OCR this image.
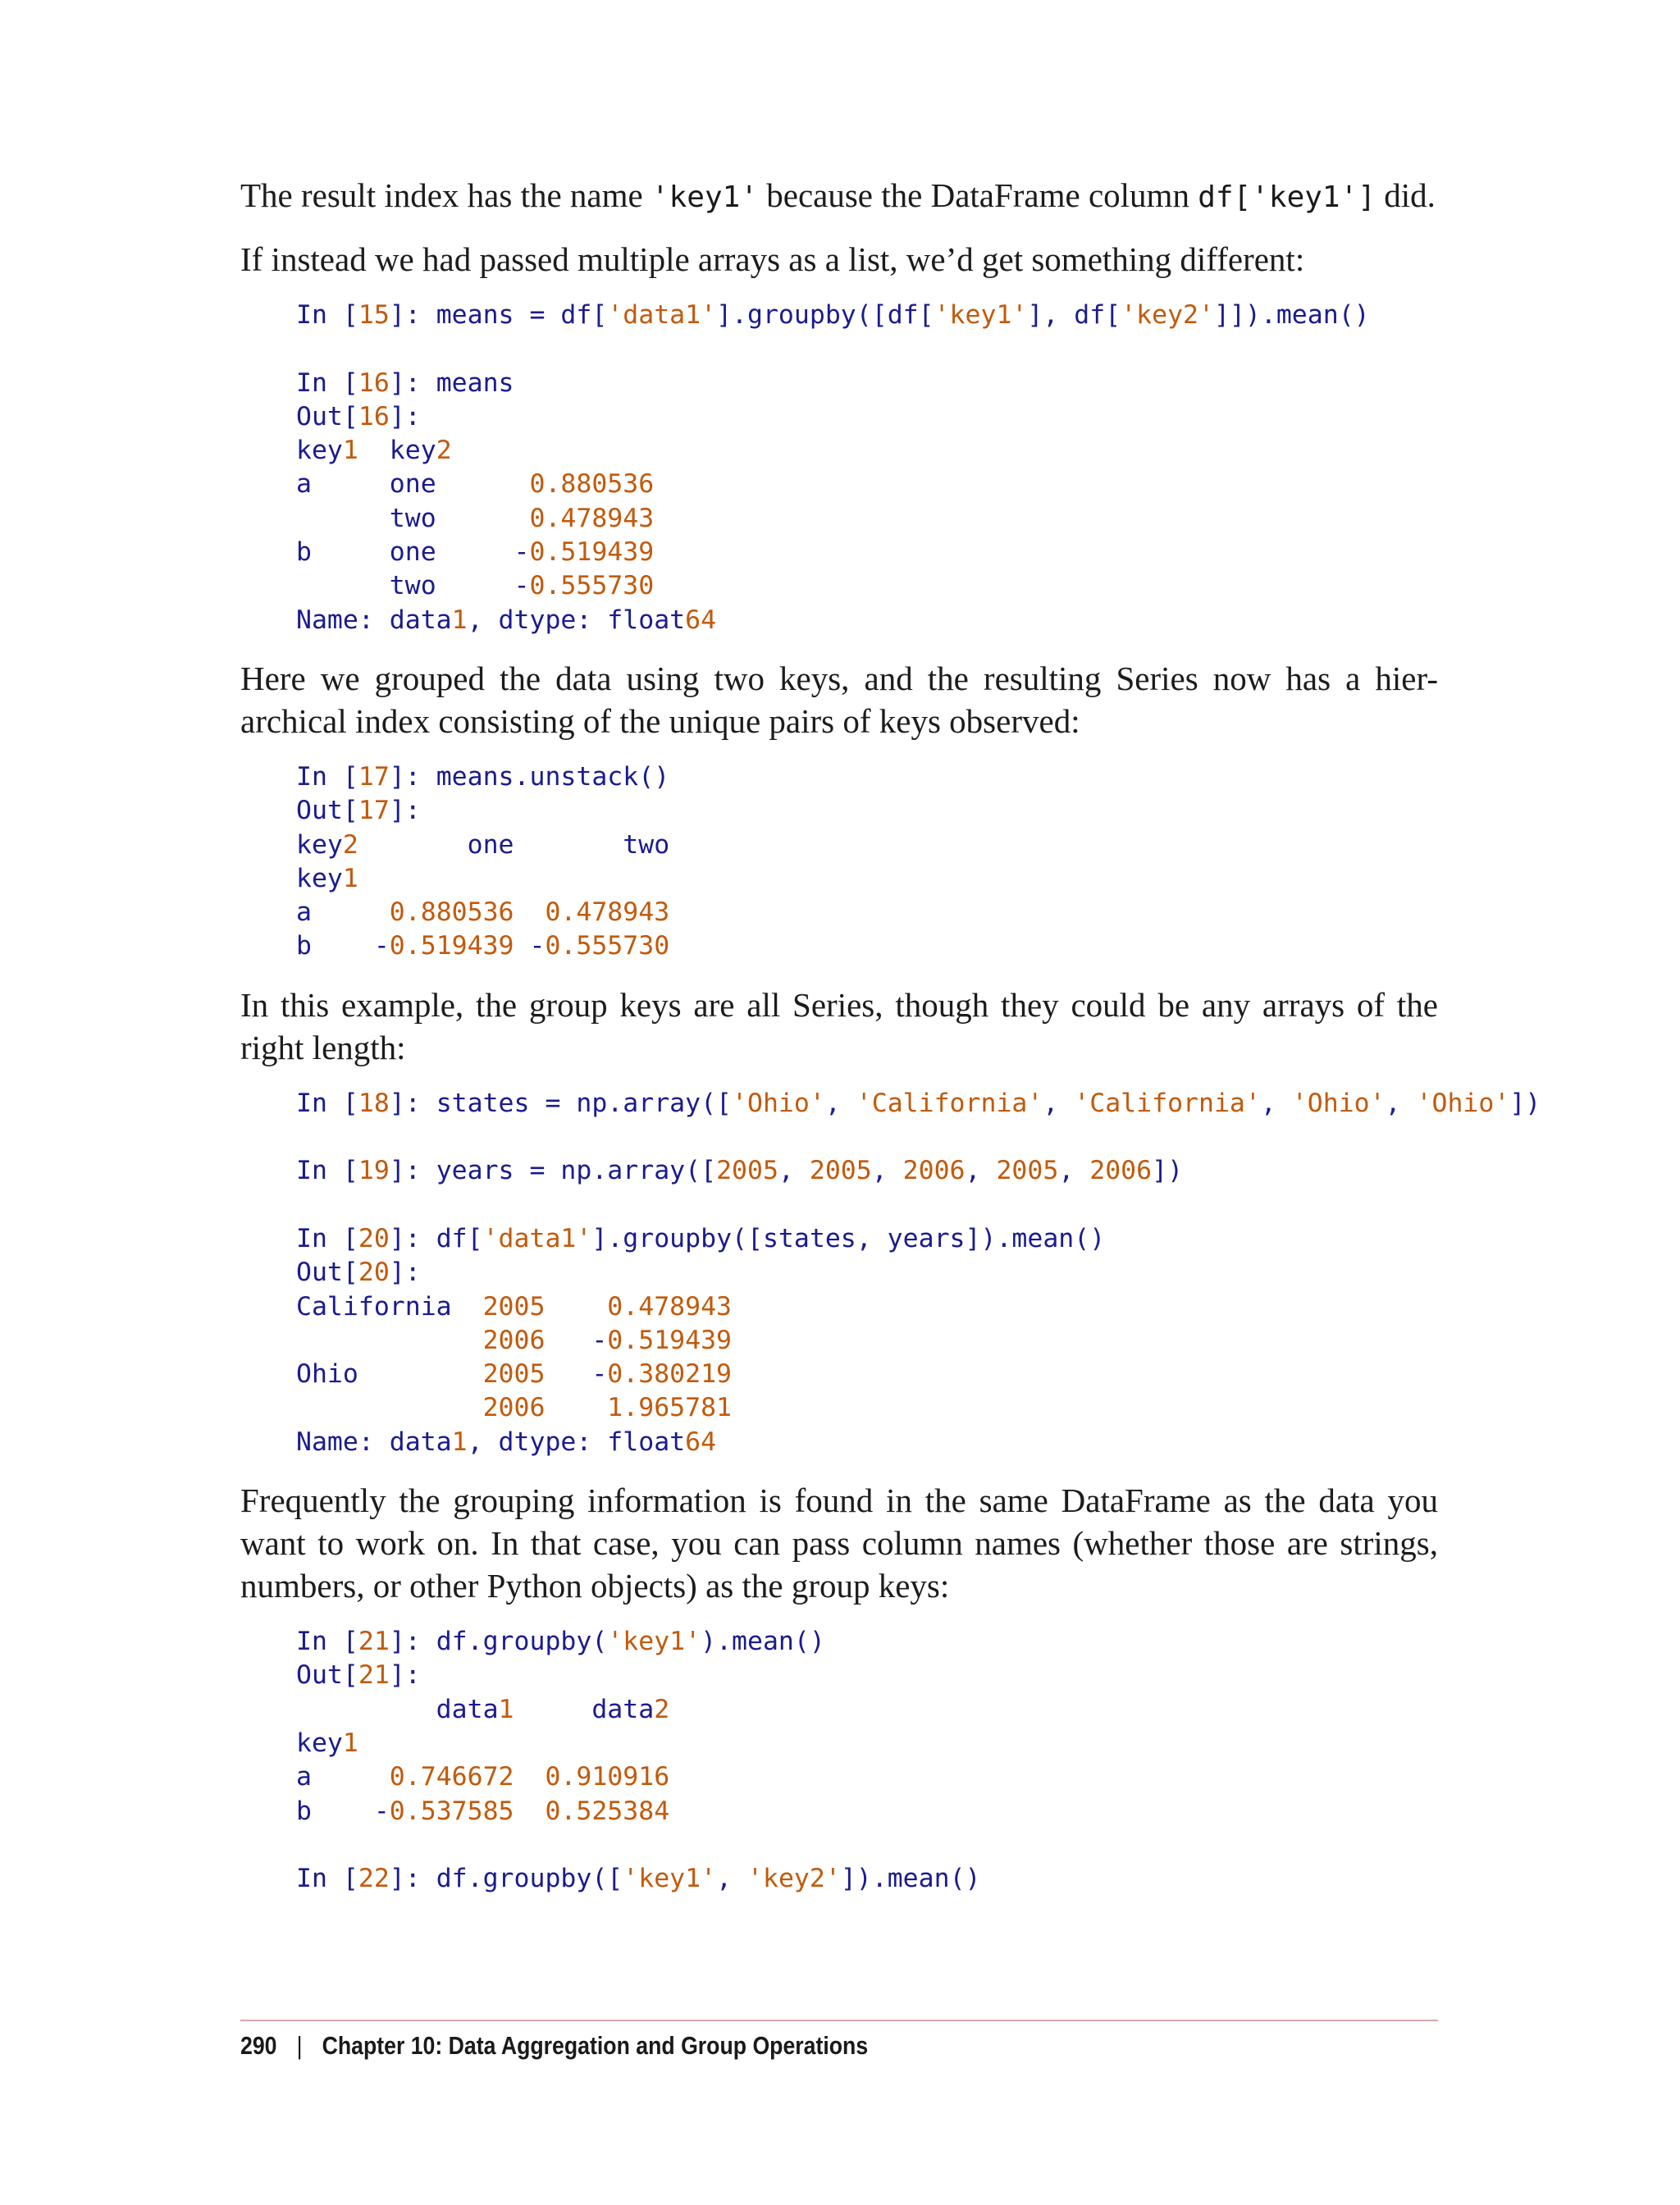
The result index has the name 'key1' because the DataFrame column df['key1'] did.

If instead we had passed multiple arrays as a list, we’d get something different:

In [15]: means = df['data1'].groupby([df['key1'], df['key2']]).mean()

In [16]: means
Out[16]:
key1  key2
a     one      0.880536
two      0.478943
b     one     -0.519439
two     -0.555730
Name: data1, dtype: float64

Here we grouped the data using two keys, and the resulting Series now has a hier-archical index consisting of the unique pairs of keys observed:

In [17]: means.unstack()
Out[17]:
key2       one       two
key1
a     0.880536 0.478943
b    -0.519439 -0.555730

In this example, the group keys are all Series, though they could be any arrays of the right length:

In [18]: states = np.array(['Ohio', 'California', 'California', 'Ohio', 'Ohio'])

In [19]: years = np.array([2005, 2005, 2006, 2005, 2006])

In [20]: df['data1'].groupby([states, years]).mean()
Out[20]:
California  2005 0.478943
2006   -0.519439
Ohio        2005   -0.380219
2006 1.965781
Name: data1, dtype: float64

Frequently the grouping information is found in the same DataFrame as the data you want to work on. In that case, you can pass column names (whether those are strings, numbers, or other Python objects) as the group keys:

In [21]: df.groupby('key1').mean()
Out[21]:
data1     data2
key1
a     0.746672 0.910916
b    -0.537585 0.525384

In [22]: df.groupby(['key1', 'key2']).mean()
290 | Chapter 10: Data Aggregation and Group Operations
